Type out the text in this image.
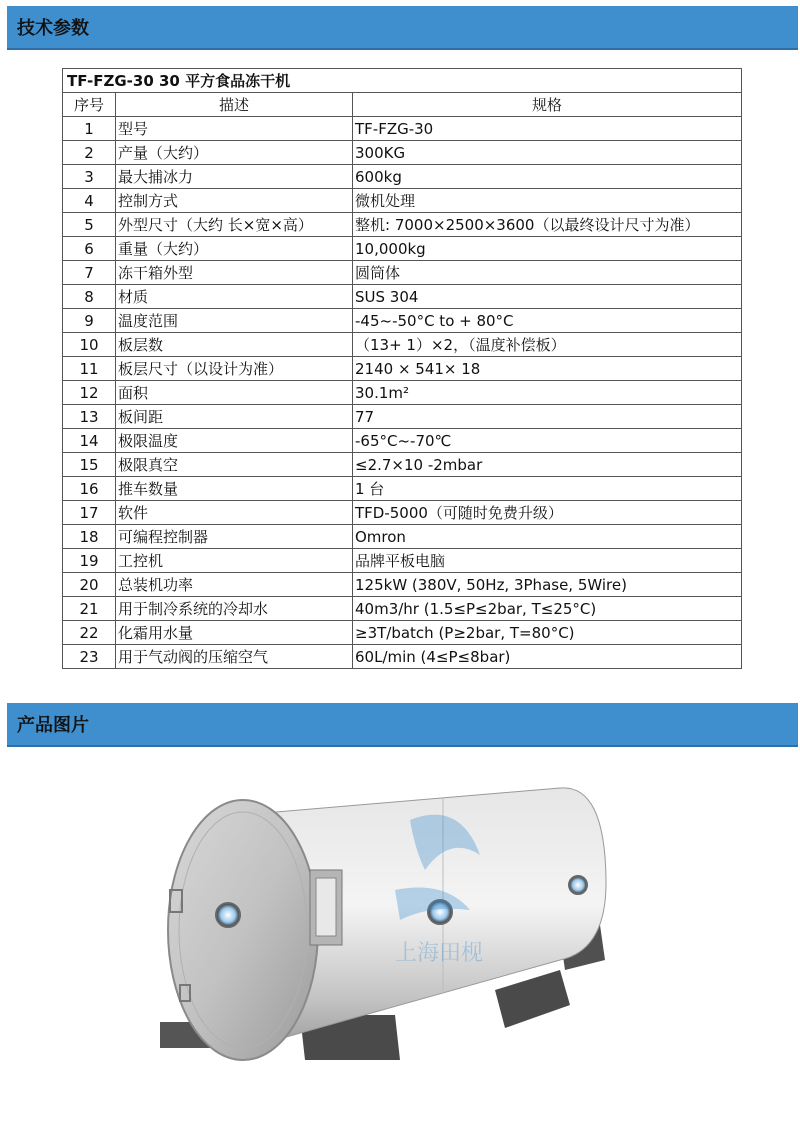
技术参数
TF-FZG-30 30 平方食品冻干机		
序号	描述	规格
1	型号	TF-FZG-30
2	产量（大约）	300KG
3	最大捕冰力	600kg
4	控制方式	微机处理
5	外型尺寸（大约 长×宽×高）	整机: 7000×2500×3600（以最终设计尺寸为准）
6	重量（大约）	10,000kg
7	冻干箱外型	圆筒体
8	材质	SUS 304
9	温度范围	-45~-50°C to + 80°C
10	板层数	（13+ 1）×2，（温度补偿板）
11	板层尺寸（以设计为准）	2140 × 541× 18
12	面积	30.1m²
13	板间距	77
14	极限温度	-65°C~-70℃
15	极限真空	≤2.7×10 -2mbar
16	推车数量	1 台
17	软件	TFD-5000（可随时免费升级）
18	可编程控制器	Omron
19	工控机	品牌平板电脑
20	总装机功率	125kW (380V, 50Hz, 3Phase, 5Wire)
21	用于制冷系统的冷却水	40m3/hr (1.5≤P≤2bar, T≤25°C)
22	化霜用水量	≥3T/batch (P≥2bar, T=80°C)
23	用于气动阀的压缩空气	60L/min (4≤P≤8bar)
产品图片
上海田枧
